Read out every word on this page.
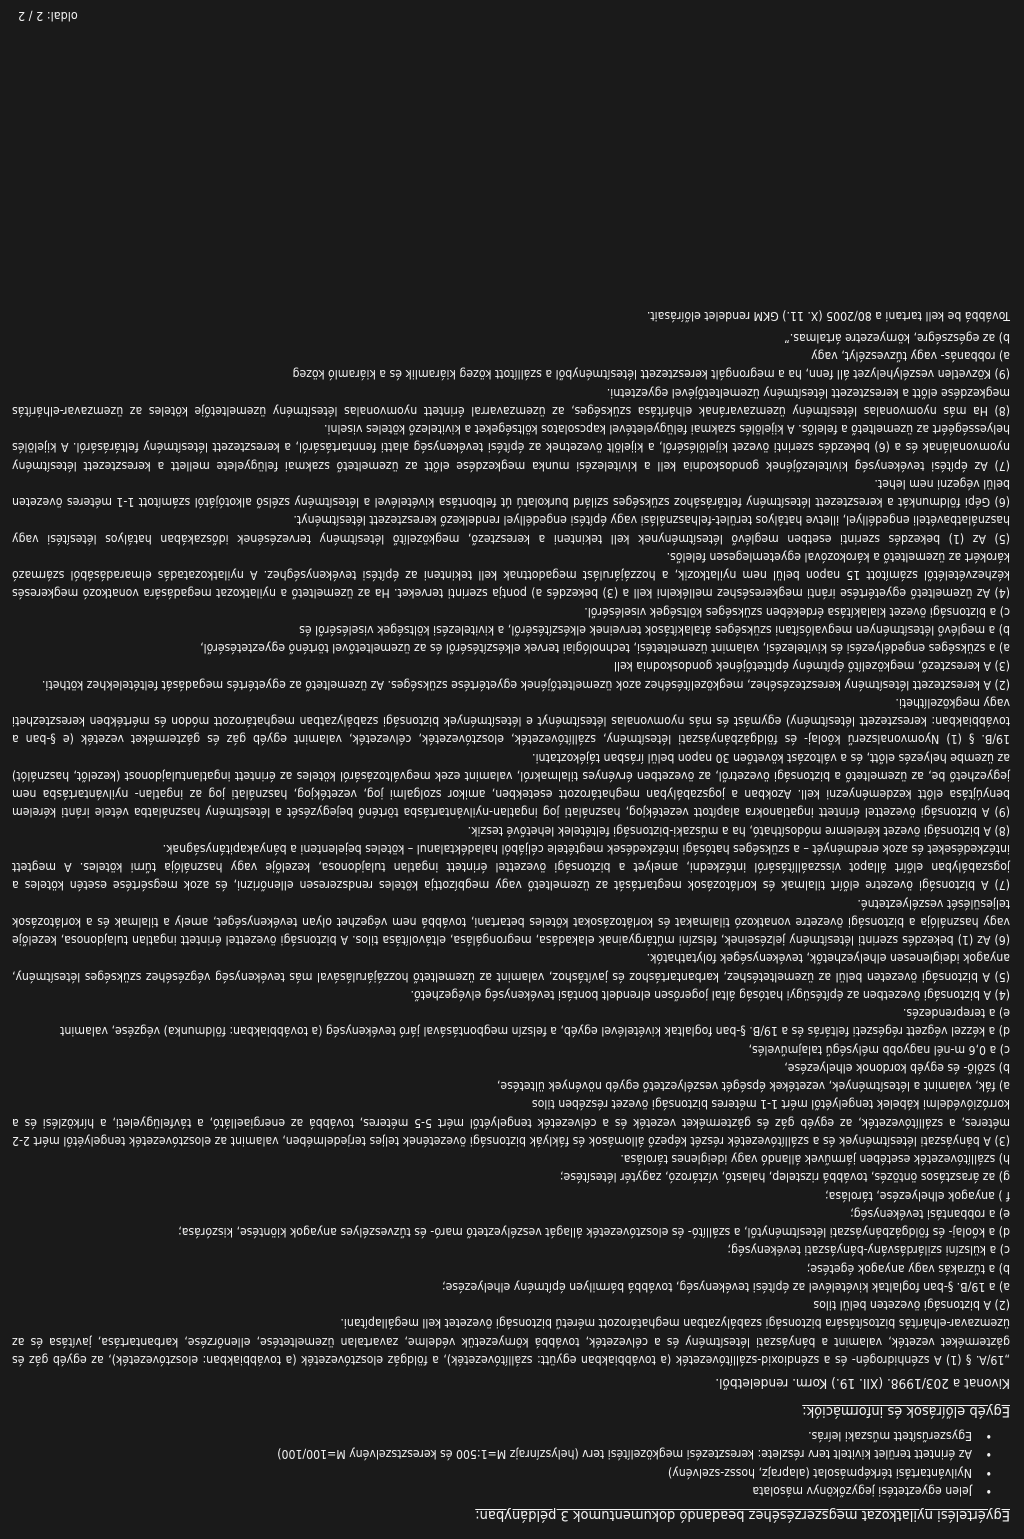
Egyértelési nyilatkozat megszerzéséhez beadandó dokumentumok 3 példányban:
• Jelen egyeztetési jegyzőkönyv másolata
• Nyilvántartási térképmásolat (alaprajz, hossz-szelvény)
• Az érintett terület kivitelt terv részlete: keresztezési megközelítési terv (helyszínrajz M=1:500 és keresztszelvény M=100/100)
• Egyszerűsített műszaki leírás.
Egyéb előírások és információk:
Kivonat a 203/1998. (XII. 19.) Korm. rendeletből.

„19/A. § (1) A szénhidrogén- és a széndioxid-szállítóvezeték (a továbbiakban együtt: szállítóvezeték), a földgáz elosztóvezeték (a továbbiakban: elosztóvezeték), az egyéb gáz és gázterméket vezeték, valamint a bányászati létesítmény és a célvezeték, továbbá környezetük védelme, zavartalan üzemeltetése, ellenőrzése, karbantartása, javítása és az üzemzavar-elhárítás biztosítására biztonsági szabályzatban meghatározott méretű biztonsági övezetet kell megállapítani.

(2) A biztonsági övezeten belül tilos

a) a 19/B. §-ban foglaltak kivételével az építési tevékenység, továbbá bármilyen építmény elhelyezése;

b) a tűzrakás vagy anyagok égetése;

c) a külszíni szilárdásvány-bányászati tevékenység;

d) a kőolaj- és földgázbányászati létesítménytől, a szállító- és elosztóvezeték állagát veszélyeztető maró- és tűzveszélyes anyagok kiöntése, kiszórása;

e) a robbantási tevékenység;

f ) anyagok elhelyezése, tárolása;

g) az árasztásos öntözés, továbbá rizstelep, halastó, víztározó, zagytér létesítése;

h) szállítóvezeték esetében járművek állandó vagy ideiglenes tárolása.

(3) A bányászati létesítmények és a szállítóvezeték részét képező állomások és fáklyák biztonsági övezetének teljes terjedelmében, valamint az elosztóvezeték tengelyétől mért 2-2 méteres, a szállítóvezeték, az egyéb gáz és gázterméket vezeték és a célvezeték tengelyétől mért 5-5 méteres, továbbá az energiaellátó, a távfelügyeleti, a hírközlési és a korrózióvédelmi kábelek tengelyétől mért 1-1 méteres biztonsági övezet részében tilos

a) fák, valamint a létesítmények, vezetékek épségét veszélyeztető egyéb növények ültetése,

b) szőlő- és egyéb kordonok elhelyezése,

c) a 0,6 m-nél nagyobb mélységű talajművelés,

d) a kézzel végzett régészeti feltárás és a 19/B. §-ban foglaltak kivételével egyéb, a felszín megbontásával járó tevékenység (a továbbiakban: földmunka) végzése, valamint

e) a tereprendezés.

(4) A biztonsági övezetben az építésügyi hatóság által jogerősen elrendelt bontási tevékenység elvégezhető.

(5) A biztonsági övezeten belül az üzemeltetéshez, karbantartáshoz és javításhoz, valamint az üzemeltető hozzájárulásával más tevékenység végzéséhez szükséges létesítmény, anyagok ideiglenesen elhelyezhetők, tevékenységek folytathatók.

(6) Az (1) bekezdés szerinti létesítmény jelzéseinek, felszíni műtárgyainak elakadása, megrongálása, eltávolítása tilos. A biztonsági övezettel érintett ingatlan tulajdonosa, kezelője vagy használója a biztonsági övezetre vonatkozó tilalmakat és korlátozásokat köteles betartani, továbbá nem végezhet olyan tevékenységet, amely a tilalmak és a korlátozások teljesülését veszélyeztetné.

(7) A biztonsági övezetre előírt tilalmak és korlátozások megtartását az üzemeltető vagy megbízottja köteles rendszeresen ellenőrizni, és azok megsértése esetén köteles a jogszabályban előírt állapot visszaállításáról intézkedni, amelyet a biztonsági övezettel érintett ingatlan tulajdonosa, kezelője vagy használója tűrni köteles. A megtett intézkedéseket és azok eredményét – a szükséges hatósági intézkedések megtétele céljából haladéktalanul – köteles bejelenteni a bányakapitányságnak.

(8) A biztonsági övezet kérelemre módosítható, ha a műszaki-biztonsági feltételek lehetővé teszik.

(9) A biztonsági övezettel érintett ingatlanokra alapított vezetékjog, használati jog ingatlan-nyilvántartásba történő bejegyzését a létesítmény használatba vétele iránti kérelem benyújtása előtt kezdeményezni kell. Azokban a jogszabályban meghatározott esetekben, amikor szolgalmi jog, vezetékjog, használati jog az ingatlan- nyilvántartásba nem jegyezhető be, az üzemeltető a biztonsági övezetről, az övezetben érvényes tilalmakról, valamint ezek megváltozásáról köteles az érintett ingatlantulajdonost (kezelőt, használót) az üzembe helyezés előtt, és a változást követően 30 napon belül írásban tájékoztatni.

19/B. § (1) Nyomvonalszerű kőolaj- és földgázbányászati létesítmény, szállítóvezeték, elosztóvezeték, célvezeték, valamint egyéb gáz és gázterméket vezeték (e §-ban a továbbiakban: keresztezett létesítmény) egymást és más nyomvonalas létesítményt e létesítmények biztonsági szabályzatban meghatározott módon és mértékben keresztezheti vagy megközelítheti.

(2) A keresztezett létesítmény keresztezéséhez, megközelítéséhez azok üzemeltetőjének egyetértése szükséges. Az üzemeltető az egyetértés megadását feltételekhez kötheti.

(3) A keresztező, megközelítő építmény építtetőjének gondoskodnia kell

a) a szükséges engedélyezési és kivitelezési, valamint üzemeltetési, technológiai tervek elkészítéséről és az üzemeltetővel történő egyeztetéséről,

b) a meglévő létesítményen megvalósítani szükséges átalakítások terveinek elkészítéséről, a kivitelezési költségek viseléséről és

c) a biztonsági övezet kialakítása érdekében szükséges költségek viseléséről.

(4) Az üzemeltető egyetértése iránti megkereséshez mellékelni kell a (3) bekezdés a) pontja szerinti terveket. Ha az üzemeltető a nyilatkozat megadására vonatkozó megkeresés kézhezvételétől számított 15 napon belül nem nyilatkozik, a hozzájárulást megadottnak kell tekinteni az építési tevékenységhez. A nyilatkozatadás elmaradásából származó károkért az üzemeltető a károkozóval egyetemlegesen felelős.

(5) Az (1) bekezdés szerinti esetben meglévő létesítménynek kell tekinteni a keresztező, megközelítő létesítmény tervezésének időszakában hatályos létesítési vagy használatbavételi engedéllyel, illetve hatályos terület-felhasználási vagy építési engedéllyel rendelkező keresztezett létesítményt.

(6) Gépi földmunkát a keresztezett létesítmény feltárásához szükséges szilárd burkolatú út felbontása kivételével a létesítmény szélső alkotójától számított 1-1 méteres övezeten belül végezni nem lehet.

(7) Az építési tevékenység kivitelezőjének gondoskodnia kell a kivitelezési munka megkezdése előtt az üzemeltető szakmai felügyelete mellett a keresztezett létesítmény nyomvonalának és a (6) bekezdés szerinti övezet kijelöléséről, a kijelölt övezetnek az építési tevékenység alatti fenntartásáról, a keresztezett létesítmény feltárásáról. A kijelölés helyességéért az üzemeltető a felelős. A kijelölés szakmai felügyeletével kapcsolatos költségeket a kivitelező köteles viselni.

(8) Ha más nyomvonalas létesítmény üzemzavarának elhárítása szükséges, az üzemzavarral érintett nyomvonalas létesítmény üzemeltetője köteles az üzemzavar-elhárítás megkezdése előtt a keresztezett létesítmény üzemeltetőjével egyeztetni.

(9) Közvetlen veszélyhelyzet áll fenn, ha a megrongált keresztezett létesítményből a szállított közeg kiáramlik és a kiáramló közeg

a) robbanás- vagy tűzveszélyt, vagy

b) az egészségre, környezetre ártalmas.”

Továbbá be kell tartani a 80/2005 (X. 11.) GKM rendelet előírásait.

oldal: 2 / 2
